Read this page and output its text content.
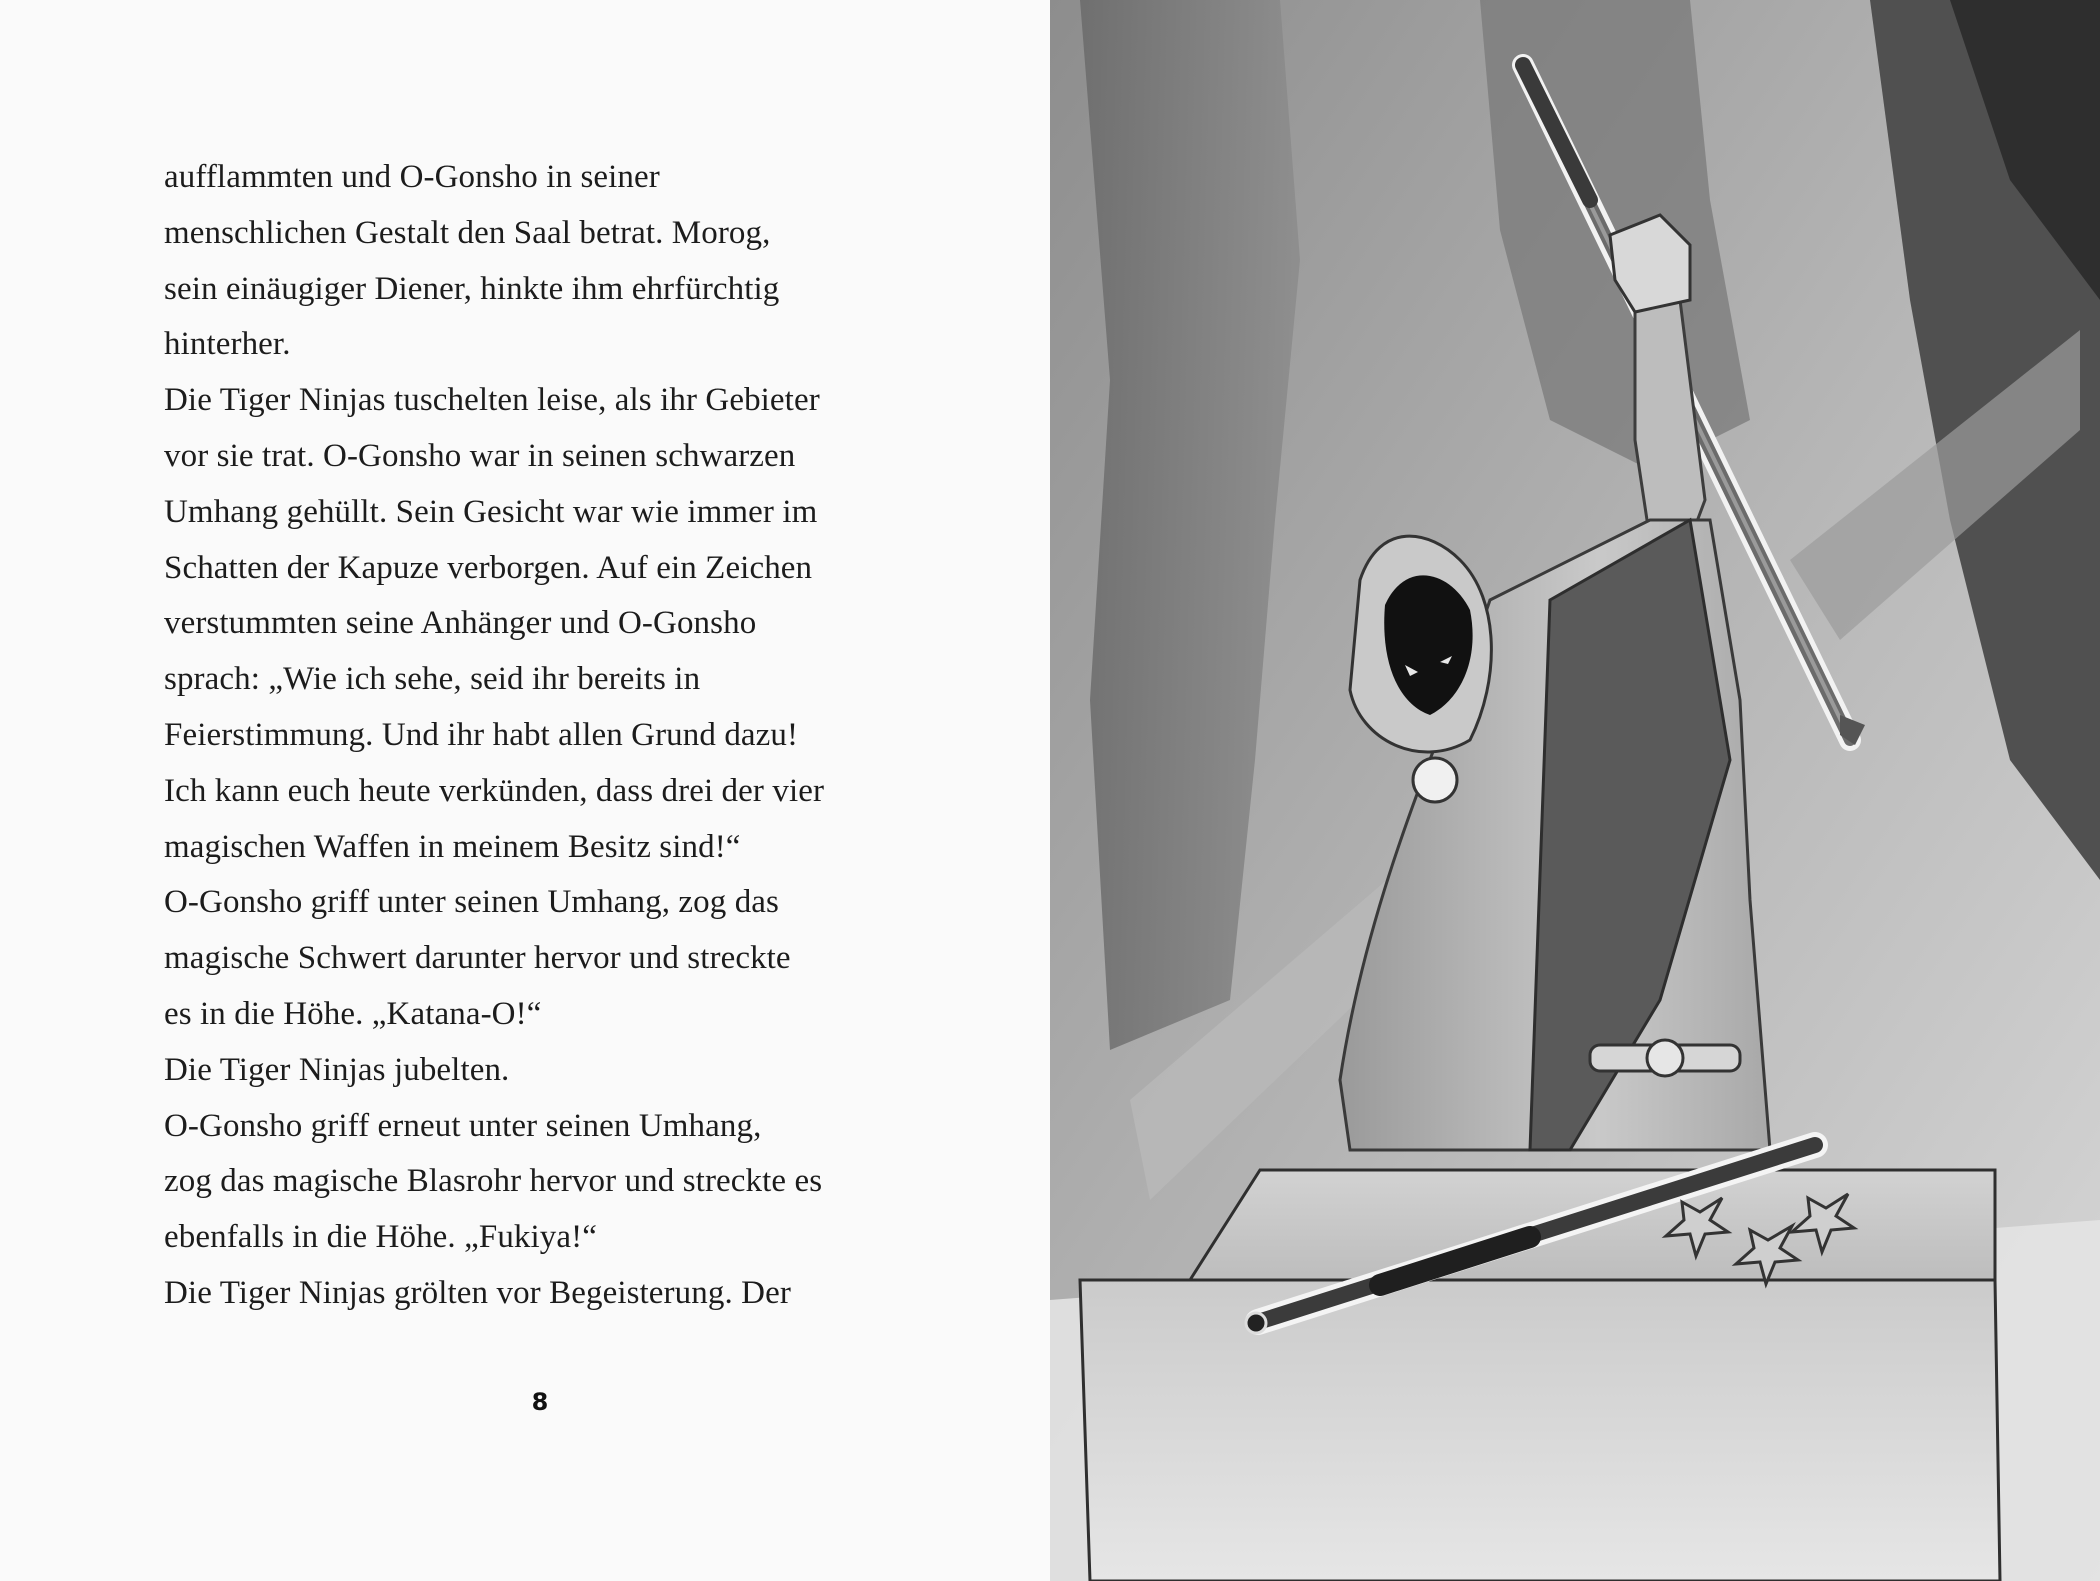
aufflammten und O-Gonsho in seiner
menschlichen Gestalt den Saal betrat. Morog,
sein einäugiger Diener, hinkte ihm ehrfürchtig
hinterher.
Die Tiger Ninjas tuschelten leise, als ihr Gebieter
vor sie trat. O-Gonsho war in seinen schwarzen
Umhang gehüllt. Sein Gesicht war wie immer im
Schatten der Kapuze verborgen. Auf ein Zeichen
verstummten seine Anhänger und O-Gonsho
sprach: „Wie ich sehe, seid ihr bereits in
Feierstimmung. Und ihr habt allen Grund dazu!
Ich kann euch heute verkünden, dass drei der vier
magischen Waffen in meinem Besitz sind!“
O-Gonsho griff unter seinen Umhang, zog das
magische Schwert darunter hervor und streckte
es in die Höhe. „Katana-O!“
Die Tiger Ninjas jubelten.
O-Gonsho griff erneut unter seinen Umhang,
zog das magische Blasrohr hervor und streckte es
ebenfalls in die Höhe. „Fukiya!“
Die Tiger Ninjas grölten vor Begeisterung. Der
8
